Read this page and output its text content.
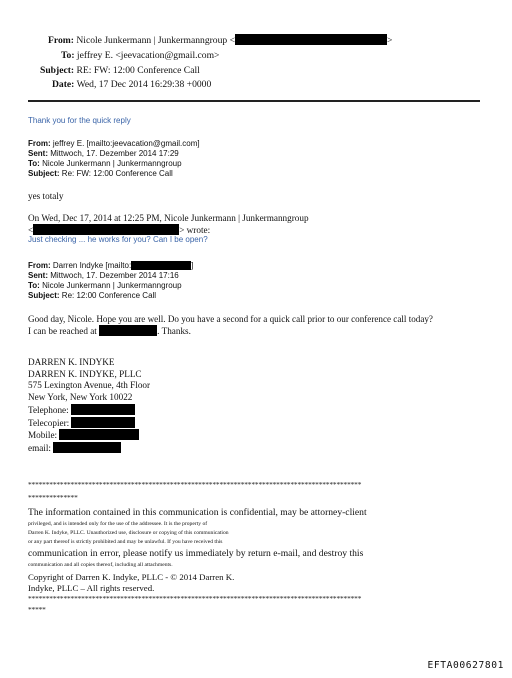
From: Nicole Junkermann | Junkermanngroup <	>
To: jeffrey E. <jeevacation@gmail.com>
Subject: RE: FW: 12:00 Conference Call
Date: Wed, 17 Dec 2014 16:29:38 +0000
Thank you for the quick reply
From: jeffrey E. [mailto:jeevacation@gmail.com]
Sent: Mittwoch, 17. Dezember 2014 17:29
To: Nicole Junkermann | Junkermanngroup
Subject: Re: FW: 12:00 Conference Call
yes totaly
On Wed, Dec 17, 2014 at 12:25 PM, Nicole Junkermann | Junkermanngroup
<	> wrote:
Just checking ... he works for you? Can I be open?
From: Darren Indyke [mailto:	]
Sent: Mittwoch, 17. Dezember 2014 17:16
To: Nicole Junkermann | Junkermanngroup
Subject: Re: 12:00 Conference Call
Good day, Nicole. Hope you are well. Do you have a second for a quick call prior to our conference call today?
I can be reached at	. Thanks.
DARREN K. INDYKE
DARREN K. INDYKE, PLLC
575 Lexington Avenue, 4th Floor
New York, New York 10022
Telephone:
Telecopier:
Mobile:
email:
**********************************************************************************************
**************
The information contained in this communication is confidential, may be attorney-client
privileged, and is intended only for the use of the addressee. It is the property of
Darren K. Indyke, PLLC. Unauthorized use, disclosure or copying of this communication
or any part thereof is strictly prohibited and may be unlawful. If you have received this
communication in error, please notify us immediately by return e-mail, and destroy this
communication and all copies thereof, including all attachments.
Copyright of Darren K. Indyke, PLLC - © 2014 Darren K.
Indyke, PLLC – All rights reserved.
**********************************************************************************************
*****
EFTA00627801
